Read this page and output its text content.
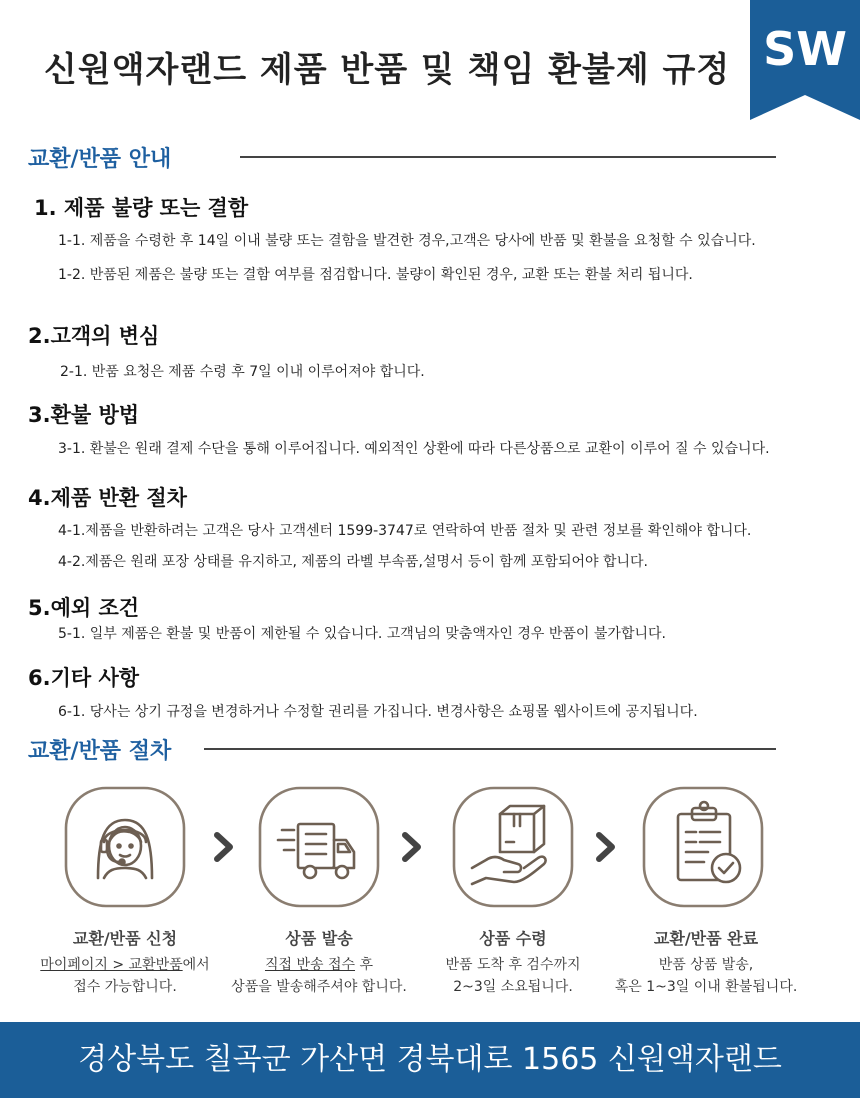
신원액자랜드 제품 반품 및 책임 환불제 규정 SW
교환/반품 안내
1. 제품 불량 또는 결함
1-1. 제품을 수령한 후 14일 이내 불량 또는 결함을 발견한 경우,고객은 당사에 반품 및 환불을 요청할 수 있습니다.
1-2. 반품된 제품은 불량 또는 결함 여부를 점검합니다. 불량이 확인된 경우, 교환 또는 환불 처리 됩니다.
2.고객의 변심
2-1. 반품 요청은 제품 수령 후 7일 이내 이루어져야 합니다.
3.환불 방법
3-1. 환불은 원래 결제 수단을 통해 이루어집니다. 예외적인 상환에 따라 다른상품으로 교환이 이루어 질 수 있습니다.
4.제품 반환 절차
4-1.제품을 반환하려는 고객은 당사 고객센터 1599-3747로 연락하여 반품 절차 및 관련 정보를 확인해야 합니다.
4-2.제품은 원래 포장 상태를 유지하고, 제품의 라벨 부속품,설명서 등이 함께 포함되어야 합니다.
5.예외 조건
5-1. 일부 제품은 환불 및 반품이 제한될 수 있습니다. 고객님의 맞춤액자인 경우 반품이 불가합니다.
6.기타 사항
6-1. 당사는 상기 규정을 변경하거나 수정할 권리를 가집니다. 변경사항은 쇼핑몰 웹사이트에 공지됩니다.
교환/반품 절차
교환/반품 신청
마이페이지 > 교환반품에서
접수 가능합니다.
상품 발송
직접 반송 접수 후
상품을 발송해주셔야 합니다.
상품 수령
반품 도착 후 검수까지
2~3일 소요됩니다.
교환/반품 완료
반품 상품 발송,
혹은 1~3일 이내 환불됩니다.
경상북도 칠곡군 가산면 경북대로 1565 신원액자랜드
